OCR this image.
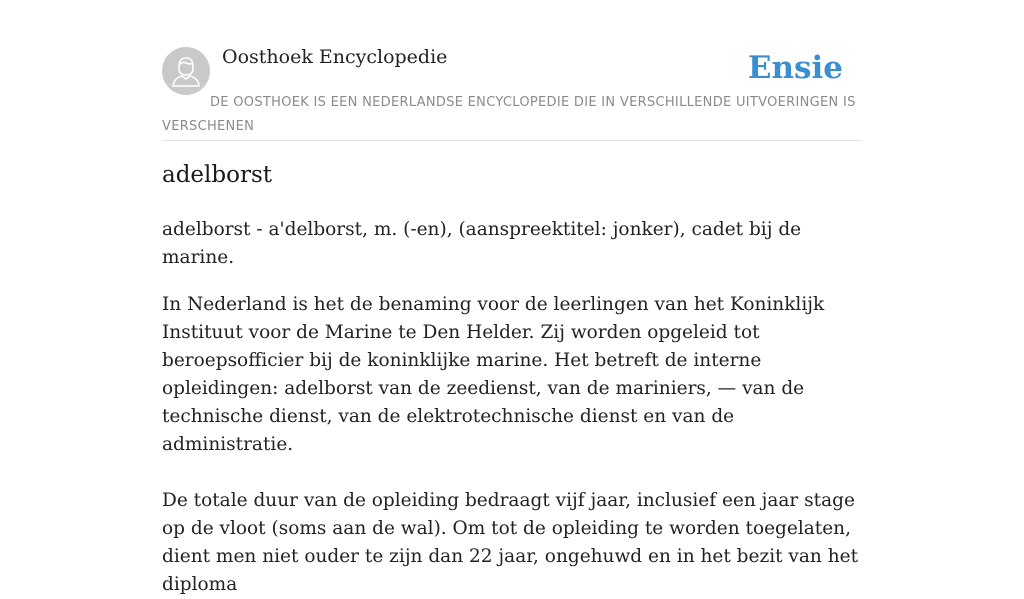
Oosthoek Encyclopedie	Ensie
DE OOSTHOEK IS EEN NEDERLANDSE ENCYCLOPEDIE DIE IN VERSCHILLENDE UITVOERINGEN IS VERSCHENEN
adelborst

adelborst - a'delborst, m. (-en), (aanspreektitel: jonker), cadet bij de marine.

In Nederland is het de benaming voor de leerlingen van het Koninklijk Instituut voor de Marine te Den Helder. Zij worden opgeleid tot beroepsofficier bij de koninklijke marine. Het betreft de interne opleidingen: adelborst van de zeedienst, van de mariniers, — van de technische dienst, van de elektrotechnische dienst en van de administratie.

De totale duur van de opleiding bedraagt vijf jaar, inclusief een jaar stage op de vloot (soms aan de wal). Om tot de opleiding te worden toegelaten, dient men niet ouder te zijn dan 22 jaar, ongehuwd en in het bezit van het diploma
